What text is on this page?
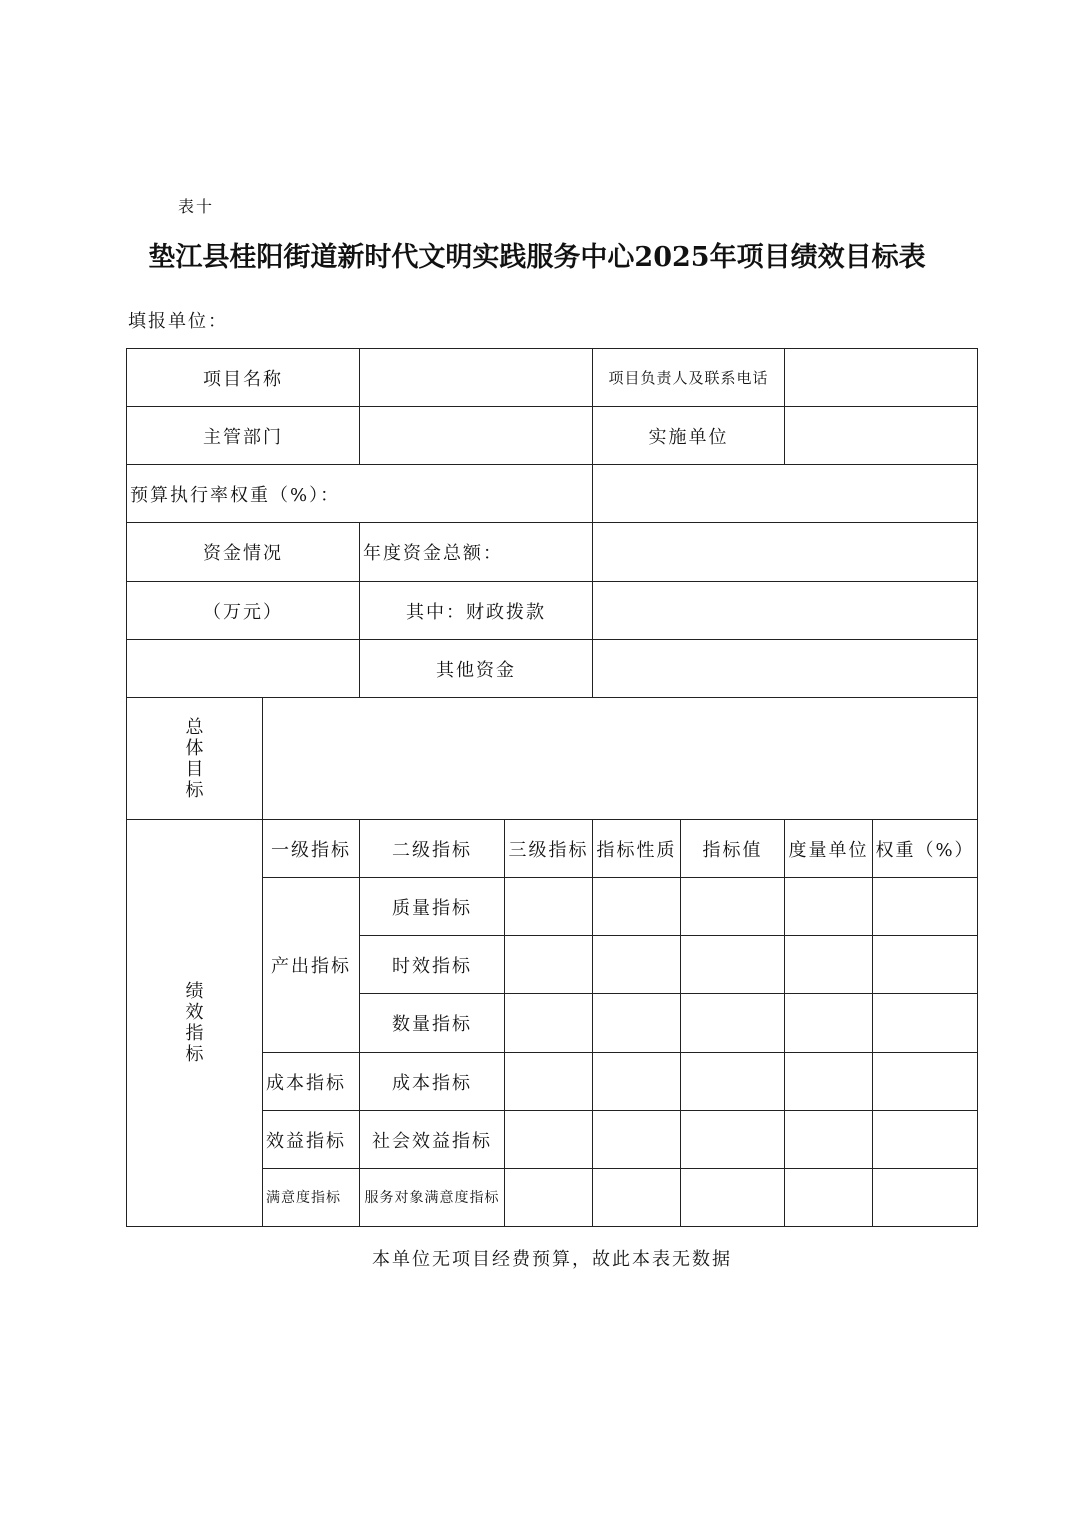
表十
垫江县桂阳街道新时代文明实践服务中心2025年项目绩效目标表
填报单位：
项目名称				项目负责人及联系电话			
主管部门				实施单位			
预算执行率权重（%）：							
资金情况		年度资金总额：					
（万元）		其中：财政拨款					
		其他资金					
总体目标							
绩效指标	一级指标	二级指标	三级指标	指标性质	指标值	度量单位	权重（%）
	产出指标	质量指标					
		时效指标					
		数量指标					
	成本指标	成本指标					
	效益指标	社会效益指标					
	满意度指标	服务对象满意度指标					
本单位无项目经费预算，故此本表无数据
